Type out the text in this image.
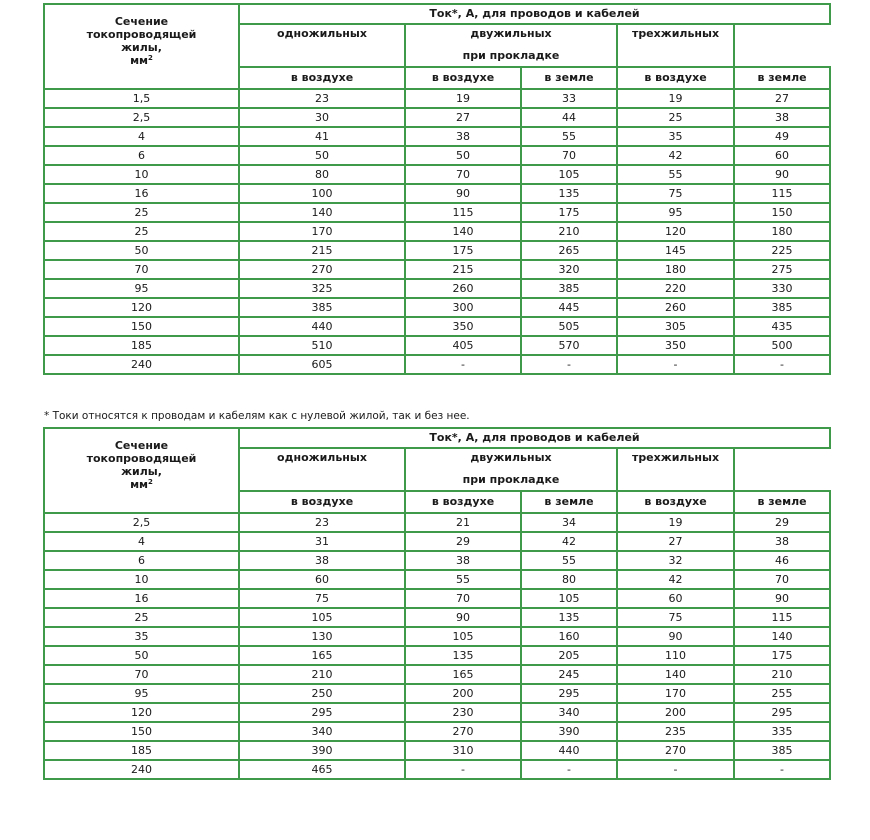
Сечение
токопроводящей
жилы,
$мм^2$	Ток*, А, для проводов и кабелей				
	одножильных	двужильных		трехжильных	
		при прокладке			
	в воздухе	в воздухе	в земле	в воздухе	в земле
1,5	23	19	33	19	27
2,5	30	27	44	25	38
4	41	38	55	35	49
6	50	50	70	42	60
10	80	70	105	55	90
16	100	90	135	75	115
25	140	115	175	95	150
25	170	140	210	120	180
50	215	175	265	145	225
70	270	215	320	180	275
95	325	260	385	220	330
120	385	300	445	260	385
150	440	350	505	305	435
185	510	405	570	350	500
240	605	-	-	-	-
* Токи относятся к проводам и кабелям как с нулевой жилой, так и без нее.
Сечение
токопроводящей
жилы,
$мм^2$	Ток*, А, для проводов и кабелей				
	одножильных	двужильных		трехжильных	
		при прокладке			
	в воздухе	в воздухе	в земле	в воздухе	в земле
2,5	23	21	34	19	29
4	31	29	42	27	38
6	38	38	55	32	46
10	60	55	80	42	70
16	75	70	105	60	90
25	105	90	135	75	115
35	130	105	160	90	140
50	165	135	205	110	175
70	210	165	245	140	210
95	250	200	295	170	255
120	295	230	340	200	295
150	340	270	390	235	335
185	390	310	440	270	385
240	465	-	-	-	-
